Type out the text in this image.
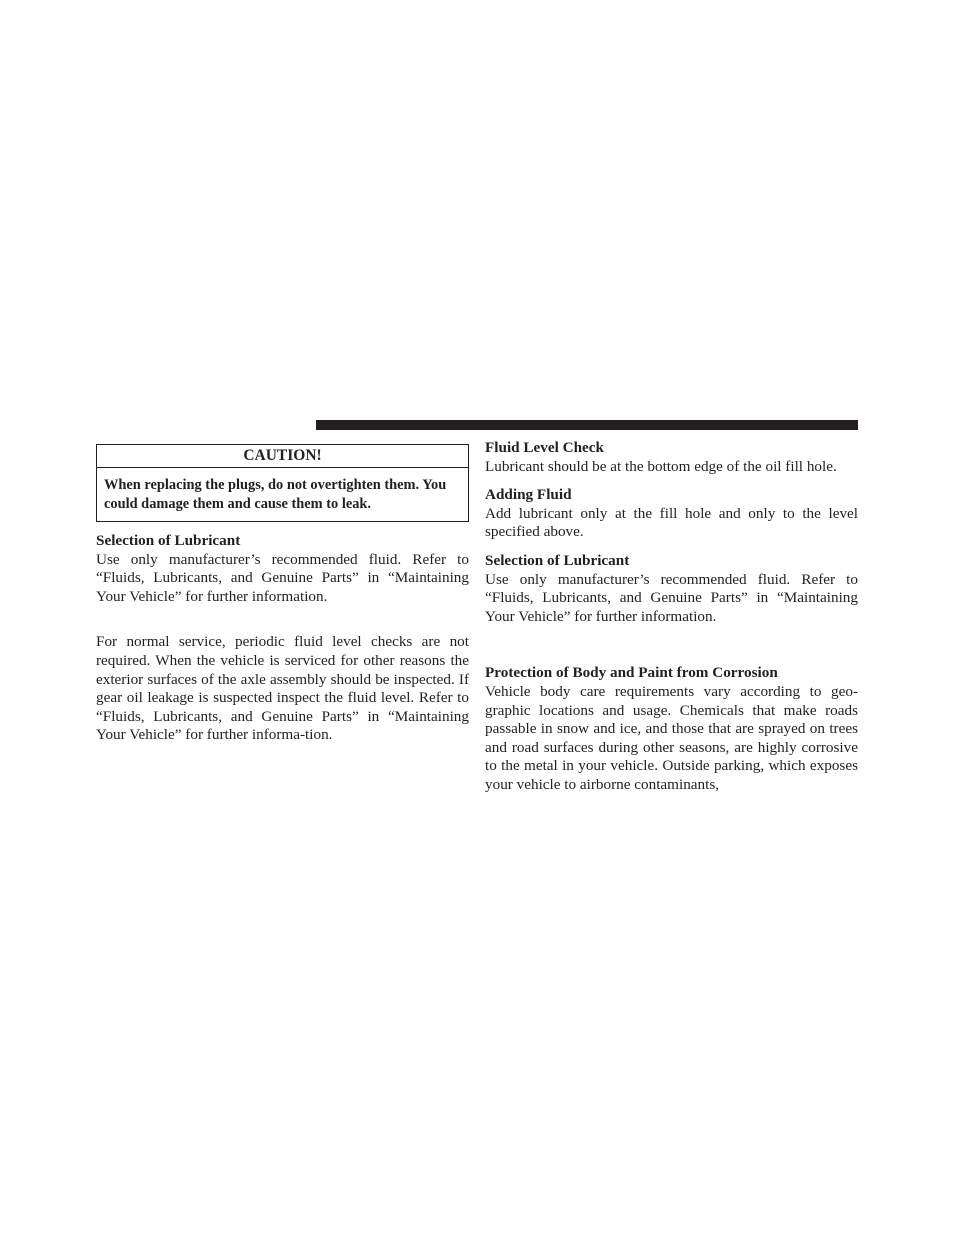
CAUTION!
When replacing the plugs, do not overtighten them. You could damage them and cause them to leak.
Selection of Lubricant
Use only manufacturer’s recommended fluid. Refer to “Fluids, Lubricants, and Genuine Parts” in “Maintaining Your Vehicle” for further information.
For normal service, periodic fluid level checks are not required. When the vehicle is serviced for other reasons the exterior surfaces of the axle assembly should be inspected. If gear oil leakage is suspected inspect the fluid level. Refer to “Fluids, Lubricants, and Genuine Parts” in “Maintaining Your Vehicle” for further informa-tion.
Fluid Level Check
Lubricant should be at the bottom edge of the oil fill hole.
Adding Fluid
Add lubricant only at the fill hole and only to the level specified above.
Selection of Lubricant
Use only manufacturer’s recommended fluid. Refer to “Fluids, Lubricants, and Genuine Parts” in “Maintaining Your Vehicle” for further information.
Protection of Body and Paint from Corrosion
Vehicle body care requirements vary according to geo-graphic locations and usage. Chemicals that make roads passable in snow and ice, and those that are sprayed on trees and road surfaces during other seasons, are highly corrosive to the metal in your vehicle. Outside parking, which exposes your vehicle to airborne contaminants,
